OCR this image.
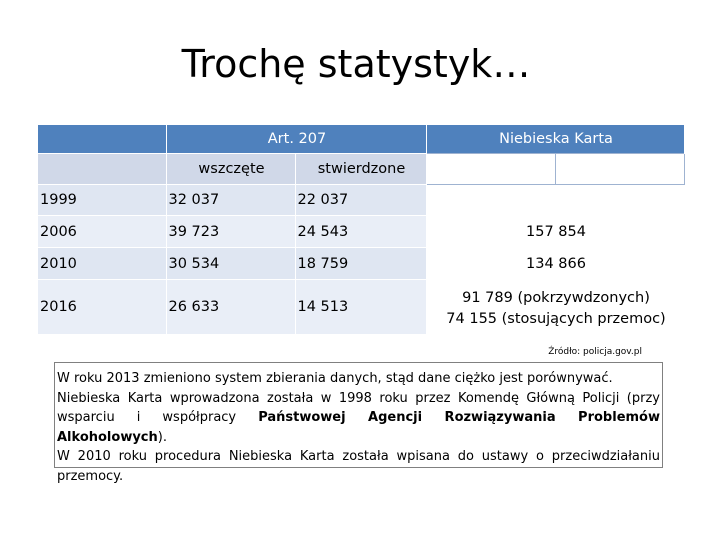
Trochę statystyk…
	Art. 207		Niebieska Karta	
	wszczęte	stwierdzone		
1999	32 037	22 037		
2006	39 723	24 543	157 854	
2010	30 534	18 759	134 866	
2016	26 633	14 513	91 789 (pokrzywdzonych)
74 155 (stosujących przemoc)	
Źródło: policja.gov.pl

W roku 2013 zmieniono system zbierania danych, stąd dane ciężko jest porównywać.

Niebieska Karta wprowadzona została w 1998 roku przez Komendę Główną Policji (przy wsparciu i współpracy Państwowej Agencji Rozwiązywania Problemów Alkoholowych).

W 2010 roku procedura Niebieska Karta została wpisana do ustawy o przeciwdziałaniu przemocy.
